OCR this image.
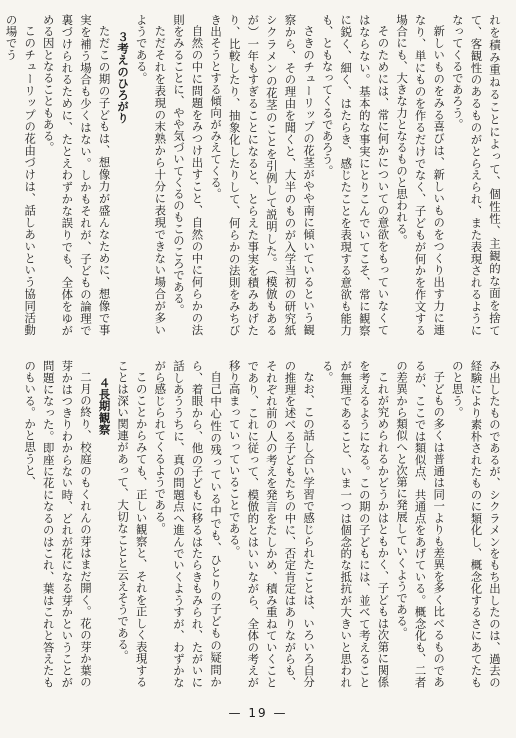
れを積み重ねることによって、個性性、主観的な面を捨てて、客観性のあるものがとらえられ、また表現されるようになってくるであろう。

新しいものをみる喜びは、新しいものをつくり出す力に連なり、単にものを作るだけでなく、子どもが何かを作文する場合にも、大きな力となるものと思われる。

そのためには、常に何かについての意欲をもっていなくてはならない。基本的な事実にとりこんでいてこそ、常に観察に鋭く、細く、はたらき、感じたことを表現する意欲も能力も、ともなってくるであろう。

さきのチューリップの花茎がやや南に傾いているという観察から、その理由を聞くと、大半のものが入学当初の研究紙シクラメンの花茎のことを引例して説明した。（模倣もあるが）一年もすぎることになると、とらえた事実を積みあげたり、比較したり、抽象化したりして、何らかの法則をみちびき出そうとする傾向がみえてくる。

自然の中に問題をみつけ出すこと、自然の中に何らかの法則をみることに、やや気づいてくるのもこのころである。

ただそれを表現の末熟から十分に表現できない場合が多いようである。

３考えのひろがり

ただこの期の子どもは、想像力が盛んなために、想像で事実を補う場合も少くはない。しかもそれが、子どもの論理で裏づけられるために、たとえわずかな誤りでも、全体をゆがめる因となることもある。

このチューリップの花由づけは、話しあいという協同活動の場でう

み出したものであるが、シクラメンをもち出したのは、過去の経験により素朴されたものに類化し、概念化するさにあてたものと思う。

子どもの多くは普通は同一よりも差異を多く比べるものであるが、ここでは類似点、共通点をあげている。概念化も、二者の差異から類似へと次第に発展していくようである。

これが究められるかどうかはともかく、子どもは次第に関係を考えるようになる。この期の子どもには、並べて考えることが無理であること、いま一つは個念的な抵抗が大きいと思われる。

なお、この話し合い学習で感じられたことは、いろいろ自分の推理を述べる子どもたちの中に、否定肯定はありながらも、それぞれ前の人の考えを発言をたしかめ、積み重ねていくことであり、これに従って、模倣的とはいいながら、全体の考えが移り高まっていっていることである。

自己中心性の残っている中でも、ひとりの子どもの疑問から、着眼から、他の子どもに移るはたらきもみられ、たがいに話しあううちに、真の問題点へ進んでいくようすが、わずかながら感じられてくるようである。

このことからみても、正しい観察と、それを正しく表現することは深い関連があって、大切なことと云えそうである。

４長期観察

二月の終り、校庭のもくれんの芽はまだ開く。花の芽か葉の芽かはつきりわからない時、どれが花になる芽かということが問題になった。即座に花になるのはこれ、葉はこれと答えたものもいる。かと思うと、

— 19 —
